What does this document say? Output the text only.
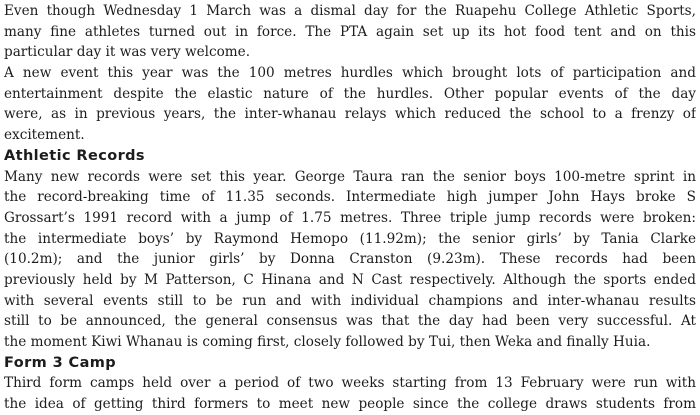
Even though Wednesday 1 March was a dismal day for the Ruapehu College Athletic Sports,
many fine athletes turned out in force. The PTA again set up its hot food tent and on this
particular day it was very welcome.

A new event this year was the 100 metres hurdles which brought lots of participation and
entertainment despite the elastic nature of the hurdles. Other popular events of the day
were, as in previous years, the inter-whanau relays which reduced the school to a frenzy of
excitement.

Athletic Records

Many new records were set this year. George Taura ran the senior boys 100-metre sprint in
the record-breaking time of 11.35 seconds. Intermediate high jumper John Hays broke S
Grossart’s 1991 record with a jump of 1.75 metres. Three triple jump records were broken:
the intermediate boys’ by Raymond Hemopo (11.92m); the senior girls’ by Tania Clarke
(10.2m); and the junior girls’ by Donna Cranston (9.23m). These records had been
previously held by M Patterson, C Hinana and N Cast respectively. Although the sports ended
with several events still to be run and with individual champions and inter-whanau results
still to be announced, the general consensus was that the day had been very successful. At
the moment Kiwi Whanau is coming first, closely followed by Tui, then Weka and finally Huia.

Form 3 Camp

Third form camps held over a period of two weeks starting from 13 February were run with
the idea of getting third formers to meet new people since the college draws students from
